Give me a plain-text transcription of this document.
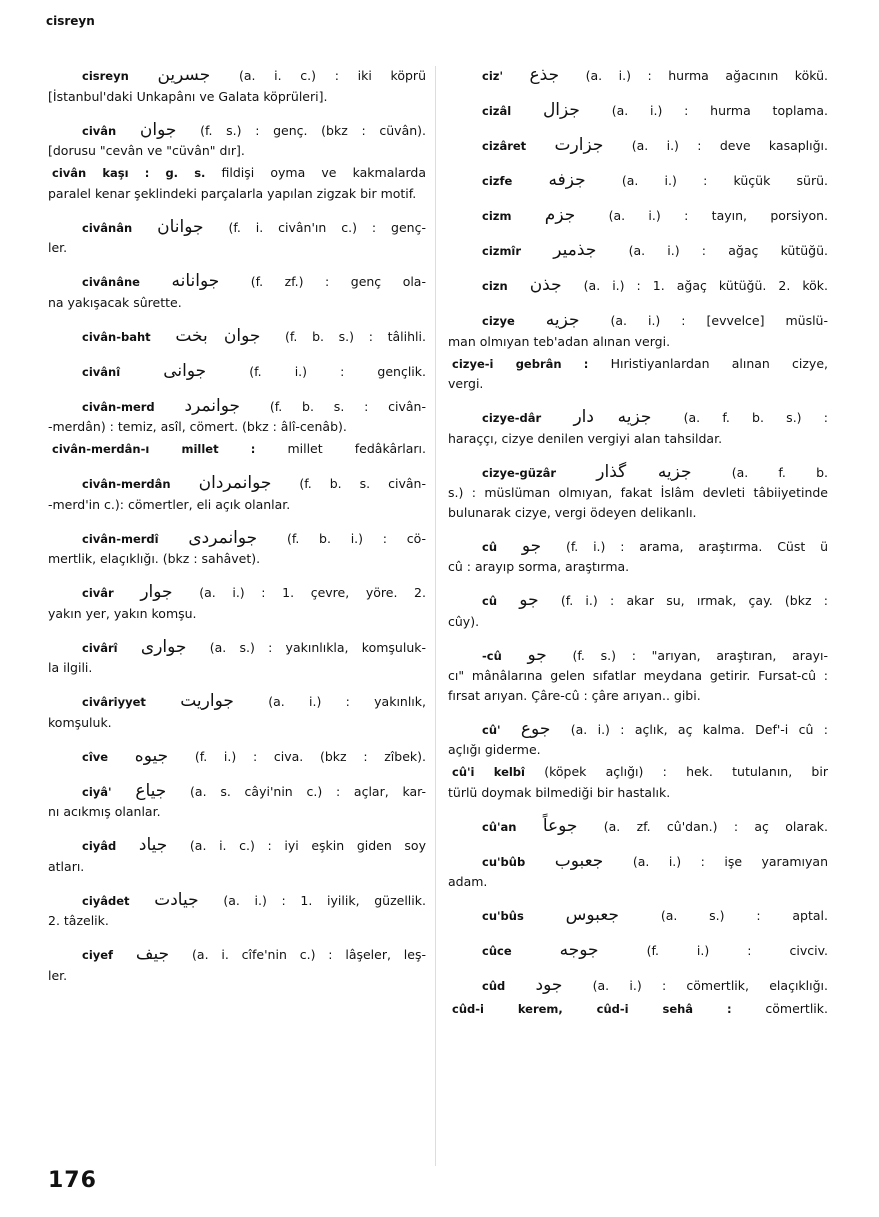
cisreyn
cisreyn جسرين (a. i. c.) : iki köprü
[İstanbul'daki Unkapânı ve Galata köprüleri].
civân جوان (f. s.) : genç. (bkz : cüvân).
[dorusu "cevân ve "cüvân" dır].
civân kaşı : g. s. fildişi oyma ve kakmalarda
paralel kenar şeklindeki parçalarla yapılan zigzak bir motif.
civânân جوانان (f. i. civân'ın c.) : genç-
ler.
civânâne جوانانه	(f. zf.) : genç ola-
na yakışacak sûrette.
civân-baht جوان بخت (f. b. s.) : tâlihli.
civânî	جوانى	(f. i.) : gençlik.
civân-merd جوانمرد (f. b. s. : civân-
-merdân) : temiz, asîl, cömert. (bkz : âlî-cenâb).
civân-merdân-ı millet :	millet fedâkârları.
civân-merdân جوانمردان (f. b. s. civân-
-merd'in c.): cömertler, eli açık olanlar.
civân-merdî جوانمردى (f. b. i.) : cö-
mertlik, elaçıklığı. (bkz : sahâvet).
civâr جوار (a. i.) : 1. çevre, yöre. 2.
yakın yer, yakın komşu.
civârî جوارى (a. s.) : yakınlıkla, komşuluk-
la ilgili.
civâriyyet جواريت	(a. i.) : yakınlık,
komşuluk.
cîve جيوه (f. i.) : civa. (bkz : zîbek).
ciyâ' جياع (a. s. câyi'nin c.) : açlar, kar-
nı acıkmış olanlar.
ciyâd جياد (a. i. c.) : iyi eşkin giden soy
atları.
ciyâdet جيادت (a. i.) : 1. iyilik, güzellik.
2. tâzelik.
ciyef جيف (a. i. cîfe'nin c.) : lâşeler, leş-
ler.
ciz' جذع (a. i.) : hurma ağacının kökü.
cizâl جزال	(a. i.) : hurma toplama.
cizâret جزارت (a. i.) : deve kasaplığı.
cizfe جزفه	(a. i.) : küçük sürü.
cizm جزم	(a. i.) : tayın, porsiyon.
cizmîr جذمير	(a. i.) : ağaç kütüğü.
cizn جذن (a. i.) : 1. ağaç kütüğü. 2. kök.
cizye جزيه (a. i.) : [evvelce] müslü-
man olmıyan teb'adan alınan vergi.
cizye-i gebrân : Hıristiyanlardan alınan cizye,
vergi.
cizye-dâr جزيه دار	(a. f. b. s.) :
haraççı, cizye denilen vergiyi alan tahsildar.
cizye-güzâr جزيه گذار	(a. f. b.
s.) : müslüman olmıyan, fakat İslâm devleti tâbiiyetinde bulunarak cizye, vergi ödeyen delikanlı.
cû جو (f. i.) : arama, araştırma. Cüst ü
cû : arayıp sorma, araştırma.
cû جو (f. i.) : akar su, ırmak, çay. (bkz :
cûy).
-cû جو (f. s.) : "arıyan, araştıran, arayı-
cı" mânâlarına gelen sıfatlar meydana getirir. Fursat-cû : fırsat arıyan. Çâre-cû : çâre arıyan.. gibi.
cû' جوع (a. i.) : açlık, aç kalma. Def'-i cû :
açlığı giderme.
cû'i kelbî (köpek açlığı) : hek. tutulanın, bir
türlü doymak bilmediği bir hastalık.
cû'an جوعاً (a. zf. cû'dan.) : aç olarak.
cu'bûb جعبوب (a. i.) : işe yaramıyan
adam.
cu'bûs جعبوس	(a. s.) : aptal.
cûce	جوجه	(f. i.) : civciv.
cûd جود (a. i.) : cömertlik, elaçıklığı.
cûd-i kerem, cûd-i sehâ :	cömertlik.
176
